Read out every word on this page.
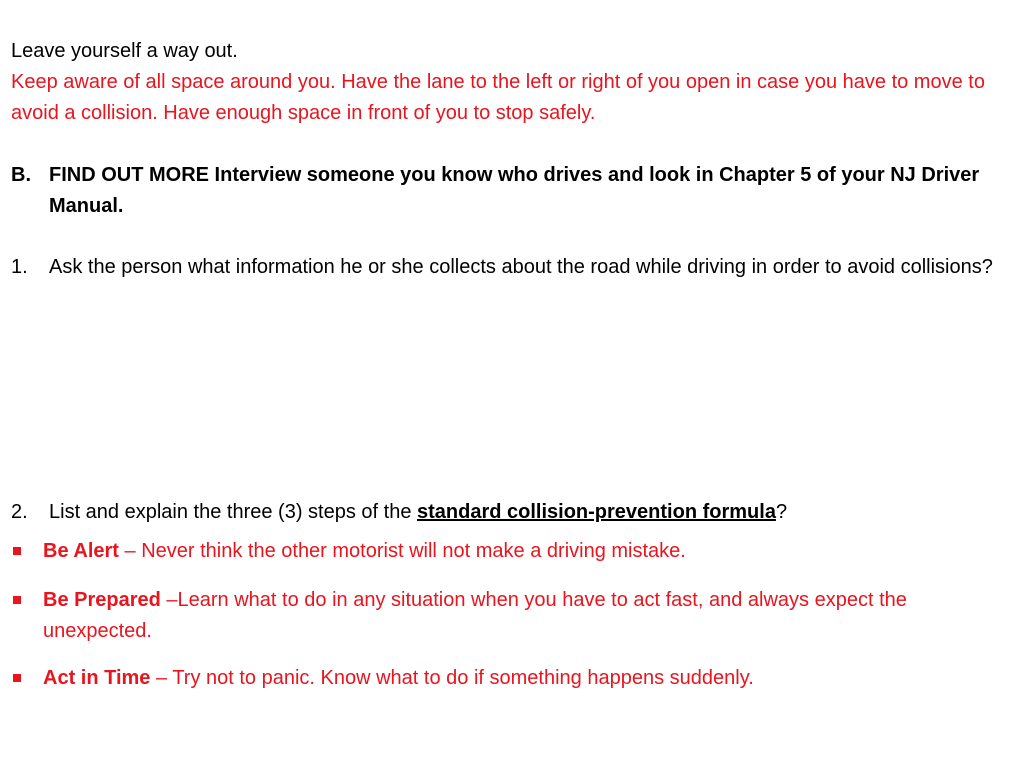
Leave yourself a way out.
Keep aware of all space around you. Have the lane to the left or right of you open in case you have to move to avoid a collision. Have enough space in front of you to stop safely.
B. FIND OUT MORE Interview someone you know who drives and look in Chapter 5 of your NJ Driver Manual.
1.	Ask the person what information he or she collects about the road while driving in order to avoid collisions?
2.	List and explain the three (3) steps of the standard collision-prevention formula?
Be Alert – Never think the other motorist will not make a driving mistake.
Be Prepared –Learn what to do in any situation when you have to act fast, and always expect the unexpected.
Act in Time – Try not to panic. Know what to do if something happens suddenly.
